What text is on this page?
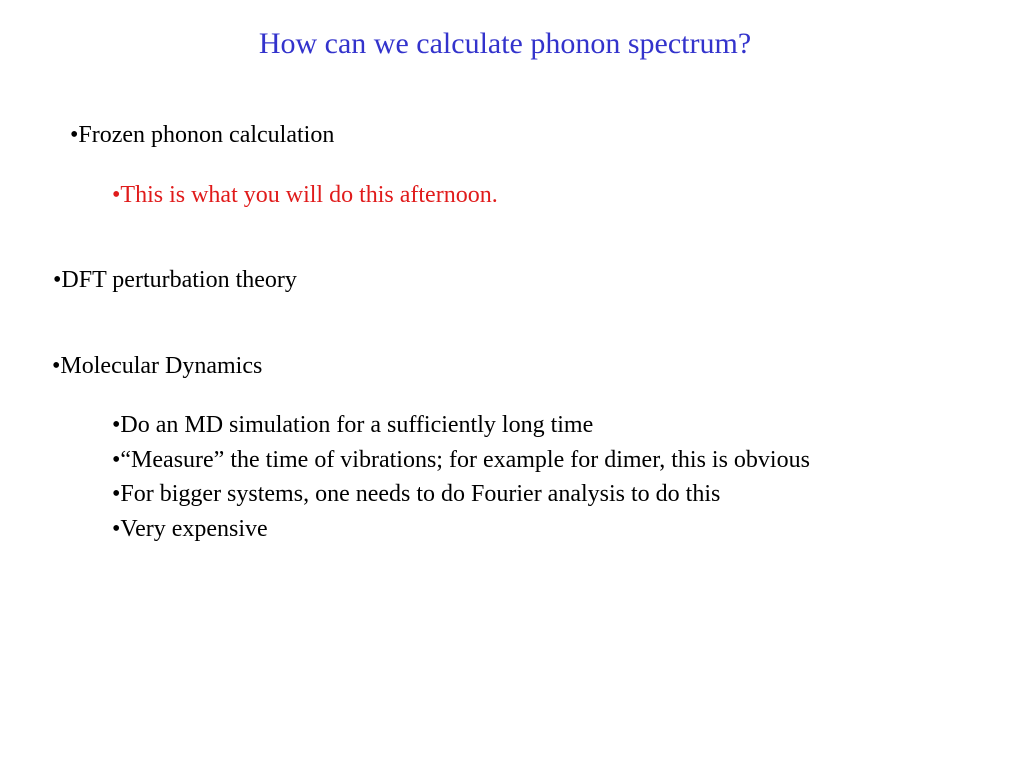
How can we calculate phonon spectrum?
•Frozen phonon calculation
•This is what you will do this afternoon.
•DFT perturbation theory
•Molecular Dynamics
•Do an MD simulation for a sufficiently long time
•“Measure” the time of vibrations; for example for dimer, this is obvious
•For bigger systems, one needs to do Fourier analysis to do this
•Very expensive
